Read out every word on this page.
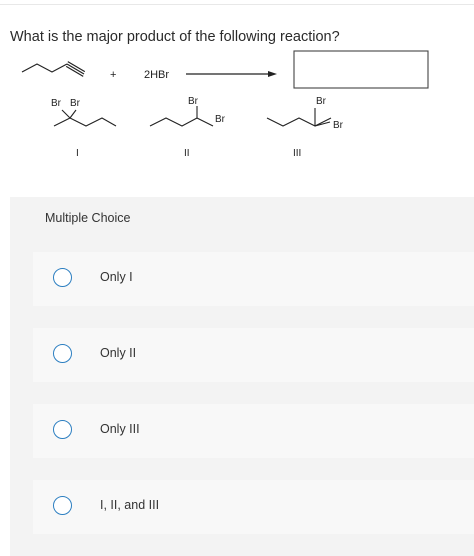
What is the major product of the following reaction?
+	2HBr
Br Br
I
Br
Br
II
Br
Br
III
Multiple Choice
Only I
Only II
Only III
I, II, and III
